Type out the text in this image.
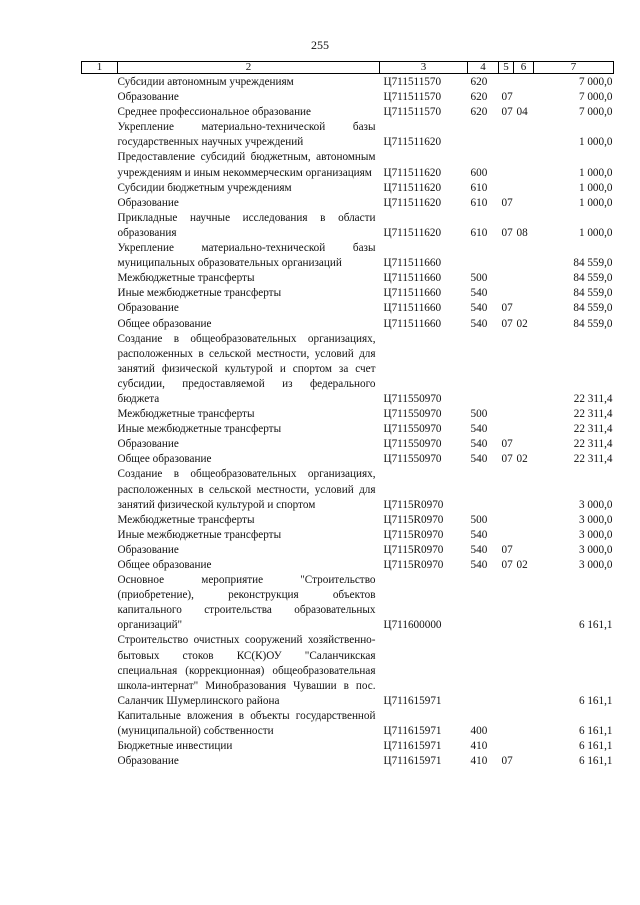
255
1	2	3	4	5	6	7
	Субсидии автономным учреждениям	Ц711511570	620			7 000,0
	Образование	Ц711511570	620	07		7 000,0
	Среднее профессиональное образование	Ц711511570	620	07	04	7 000,0
	Укрепление материально-технической базы государственных научных учреждений	Ц711511620				1 000,0
	Предоставление субсидий бюджетным, автономным учреждениям и иным некоммерческим организациям	Ц711511620	600			1 000,0
	Субсидии бюджетным учреждениям	Ц711511620	610			1 000,0
	Образование	Ц711511620	610	07		1 000,0
	Прикладные научные исследования в области образования	Ц711511620	610	07	08	1 000,0
	Укрепление материально-технической базы муниципальных образовательных организаций	Ц711511660				84 559,0
	Межбюджетные трансферты	Ц711511660	500			84 559,0
	Иные межбюджетные трансферты	Ц711511660	540			84 559,0
	Образование	Ц711511660	540	07		84 559,0
	Общее образование	Ц711511660	540	07	02	84 559,0
	Создание в общеобразовательных организациях, расположенных в сельской местности, условий для занятий физической культурой и спортом за счет субсидии, предоставляемой из федерального бюджета	Ц711550970				22 311,4
	Межбюджетные трансферты	Ц711550970	500			22 311,4
	Иные межбюджетные трансферты	Ц711550970	540			22 311,4
	Образование	Ц711550970	540	07		22 311,4
	Общее образование	Ц711550970	540	07	02	22 311,4
	Создание в общеобразовательных организациях, расположенных в сельской местности, условий для занятий физической культурой и спортом	Ц7115R0970				3 000,0
	Межбюджетные трансферты	Ц7115R0970	500			3 000,0
	Иные межбюджетные трансферты	Ц7115R0970	540			3 000,0
	Образование	Ц7115R0970	540	07		3 000,0
	Общее образование	Ц7115R0970	540	07	02	3 000,0
	Основное мероприятие "Строительство (приобретение), реконструкция объектов капитального строительства образовательных организаций"	Ц711600000				6 161,1
	Строительство очистных сооружений хозяйственно-бытовых стоков КС(К)ОУ "Саланчикская специальная (коррекционная) общеобразовательная школа-интернат" Минобразования Чувашии в пос. Саланчик Шумерлинского района	Ц711615971				6 161,1
	Капитальные вложения в объекты государственной (муниципальной) собственности	Ц711615971	400			6 161,1
	Бюджетные инвестиции	Ц711615971	410			6 161,1
	Образование	Ц711615971	410	07		6 161,1
